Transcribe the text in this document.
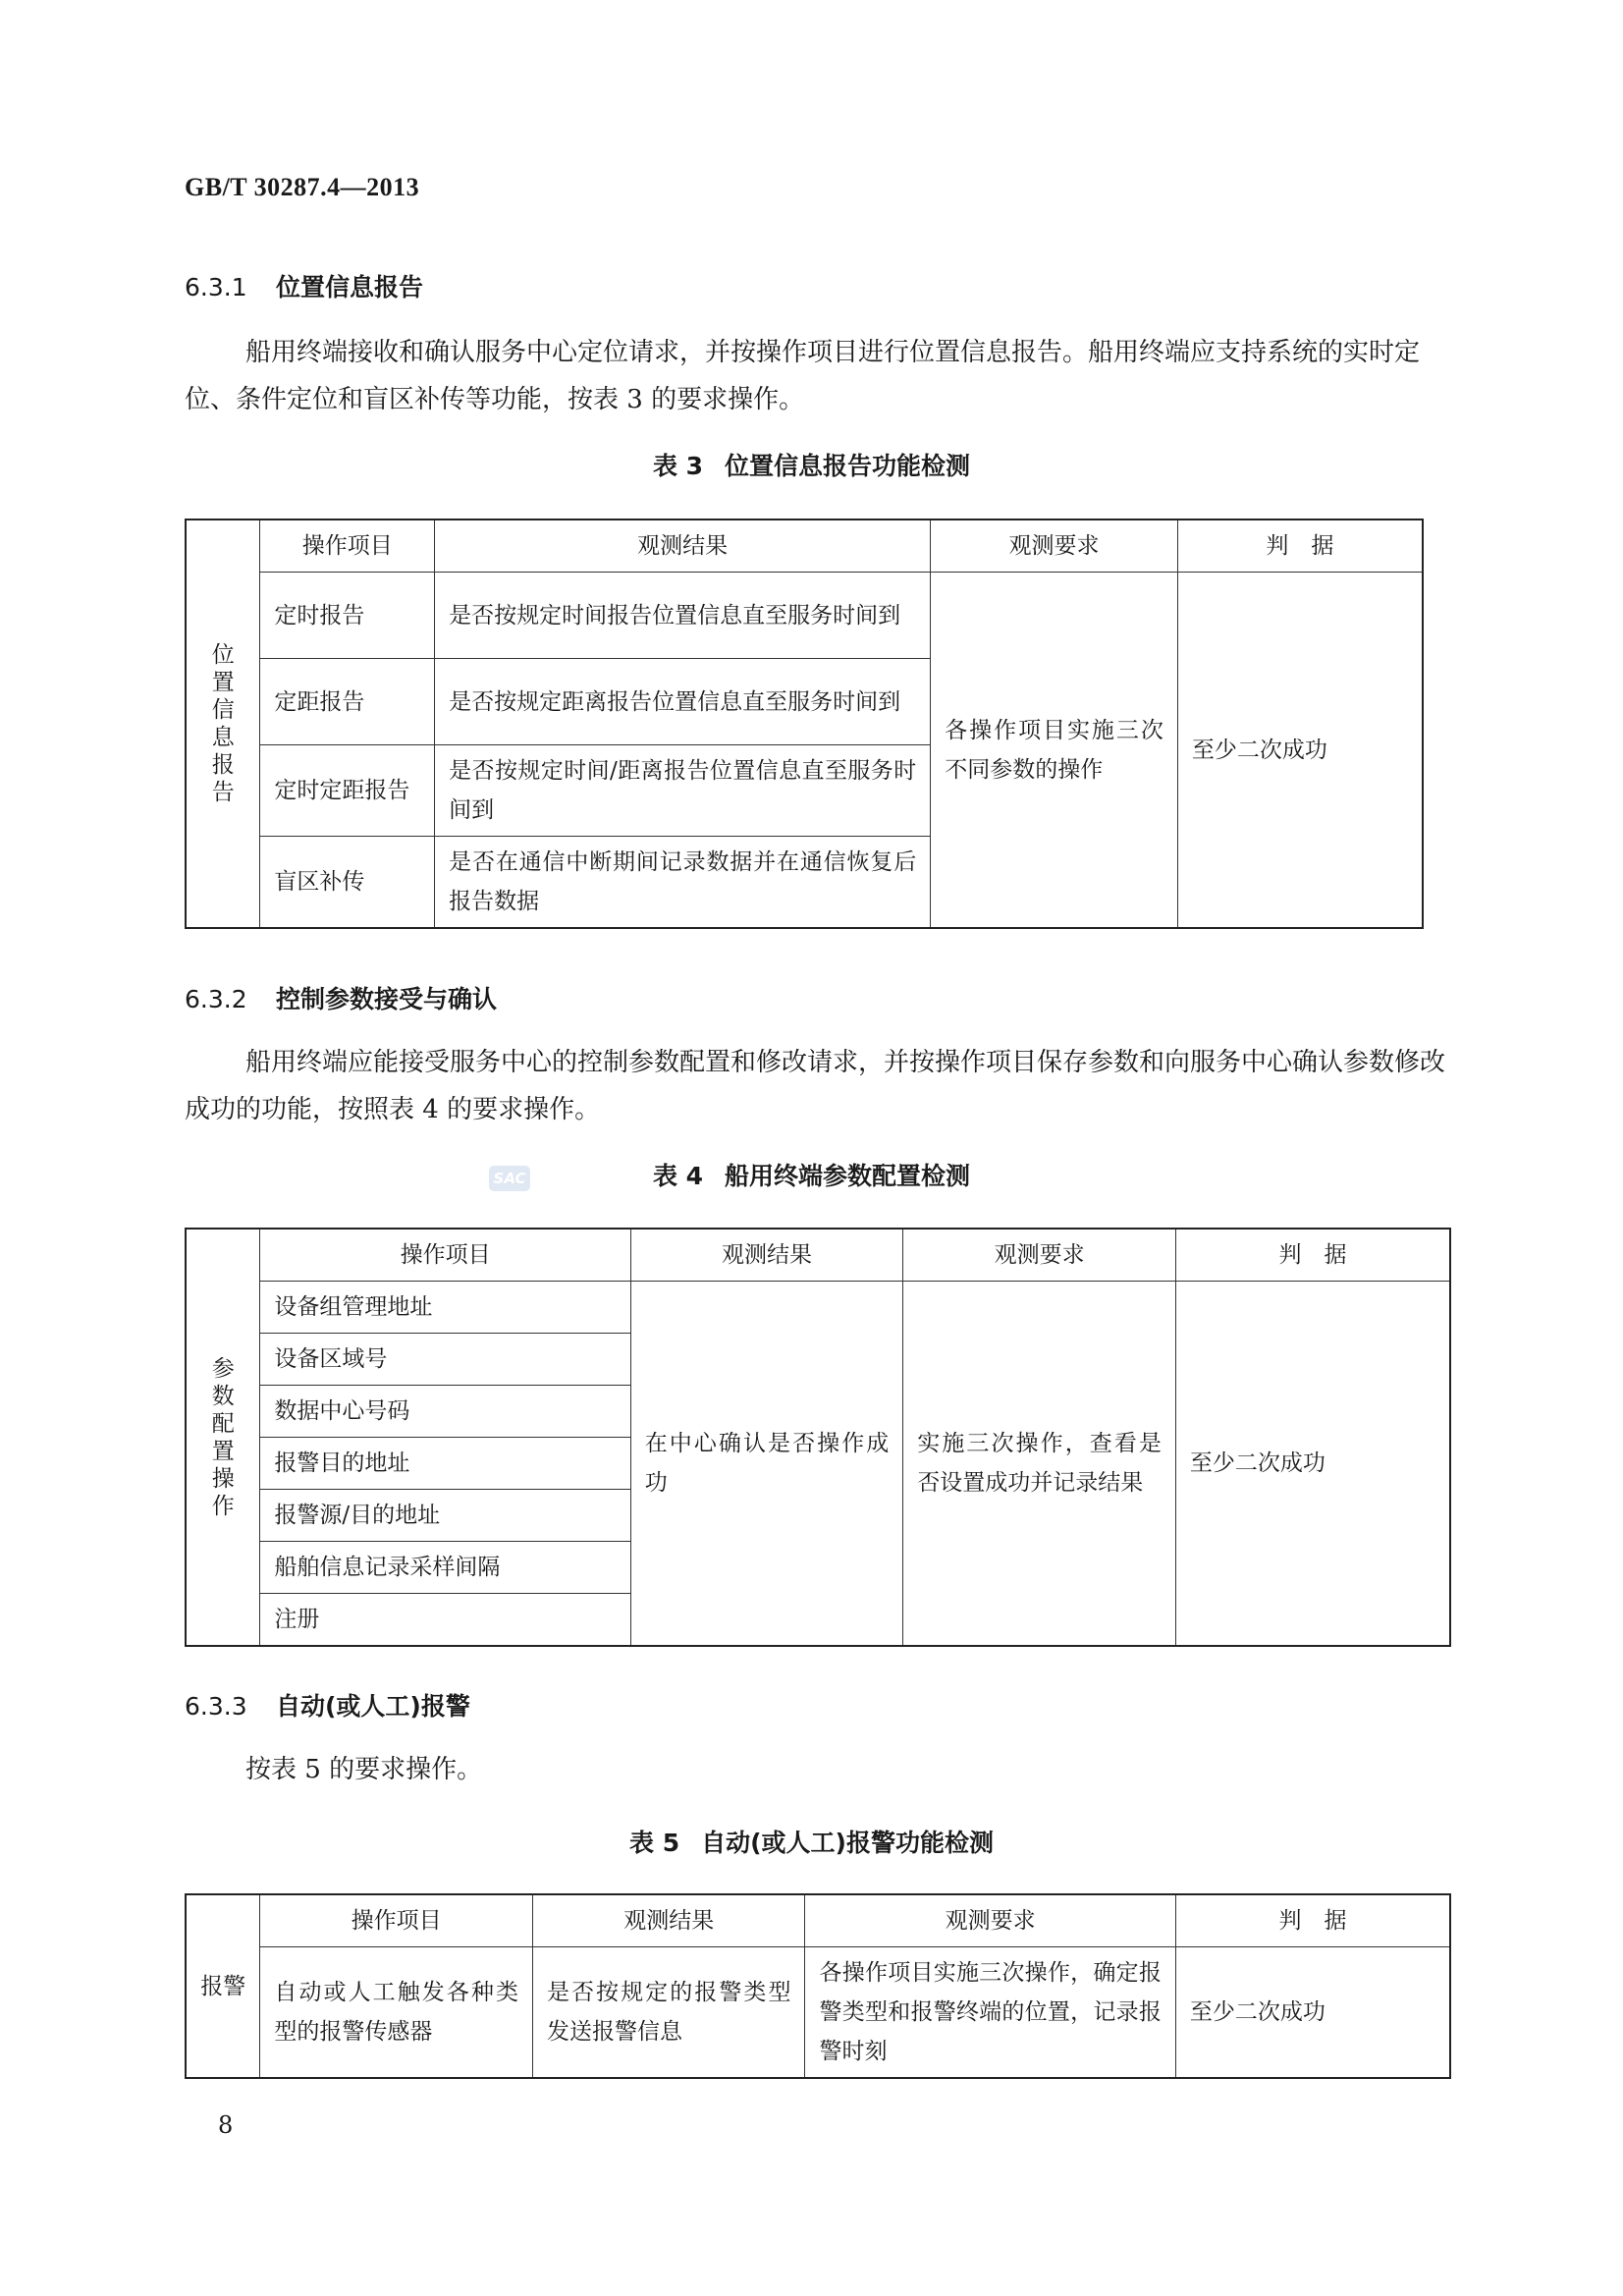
GB/T 30287.4—2013
6.3.1 位置信息报告
船用终端接收和确认服务中心定位请求，并按操作项目进行位置信息报告。船用终端应支持系统的实时定位、条件定位和盲区补传等功能，按表 3 的要求操作。
表 3 位置信息报告功能检测
位置信息报告	操作项目	观测结果	观测要求	判　据
	定时报告	是否按规定时间报告位置信息直至服务时间到	各操作项目实施三次不同参数的操作	至少二次成功
	定距报告	是否按规定距离报告位置信息直至服务时间到		
	定时定距报告	是否按规定时间/距离报告位置信息直至服务时间到		
	盲区补传	是否在通信中断期间记录数据并在通信恢复后报告数据		
6.3.2 控制参数接受与确认
船用终端应能接受服务中心的控制参数配置和修改请求，并按操作项目保存参数和向服务中心确认参数修改成功的功能，按照表 4 的要求操作。
SAC	表 4 船用终端参数配置检测
参数配置操作	操作项目	观测结果	观测要求	判　据
	设备组管理地址	在中心确认是否操作成功	实施三次操作，查看是否设置成功并记录结果	至少二次成功
	设备区域号			
	数据中心号码			
	报警目的地址			
	报警源/目的地址			
	船舶信息记录采样间隔			
	注册			
6.3.3 自动(或人工)报警
按表 5 的要求操作。
表 5 自动(或人工)报警功能检测
报警	操作项目	观测结果	观测要求	判　据
	自动或人工触发各种类型的报警传感器	是否按规定的报警类型发送报警信息	各操作项目实施三次操作，确定报警类型和报警终端的位置，记录报警时刻	至少二次成功
8
